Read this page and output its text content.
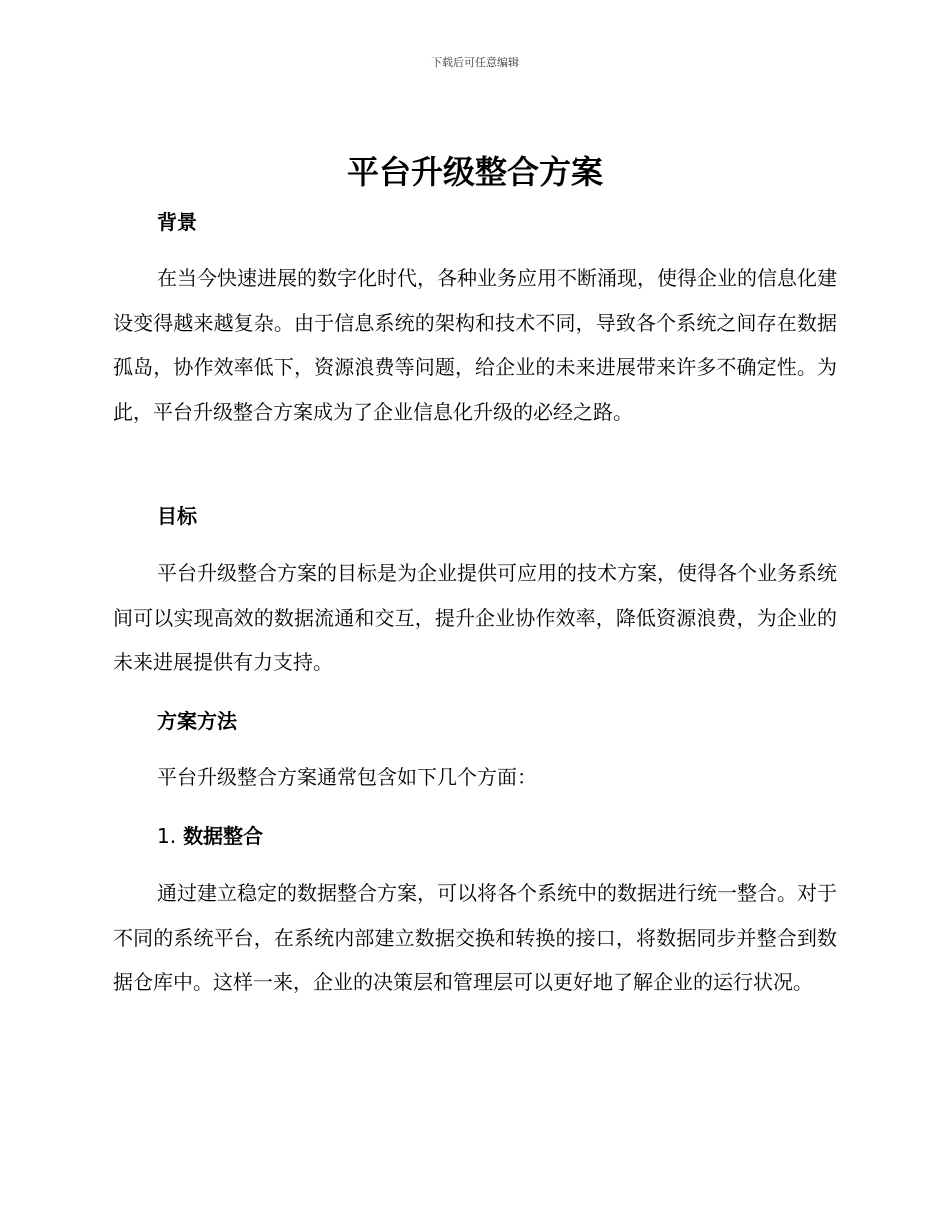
下载后可任意编辑
平台升级整合方案
背景

在当今快速进展的数字化时代，各种业务应用不断涌现，使得企业的信息化建设变得越来越复杂。由于信息系统的架构和技术不同，导致各个系统之间存在数据孤岛，协作效率低下，资源浪费等问题，给企业的未来进展带来许多不确定性。为此，平台升级整合方案成为了企业信息化升级的必经之路。

目标

平台升级整合方案的目标是为企业提供可应用的技术方案，使得各个业务系统间可以实现高效的数据流通和交互，提升企业协作效率，降低资源浪费，为企业的未来进展提供有力支持。

方案方法

平台升级整合方案通常包含如下几个方面：

1. 数据整合

通过建立稳定的数据整合方案，可以将各个系统中的数据进行统一整合。对于不同的系统平台，在系统内部建立数据交换和转换的接口，将数据同步并整合到数据仓库中。这样一来，企业的决策层和管理层可以更好地了解企业的运行状况。
